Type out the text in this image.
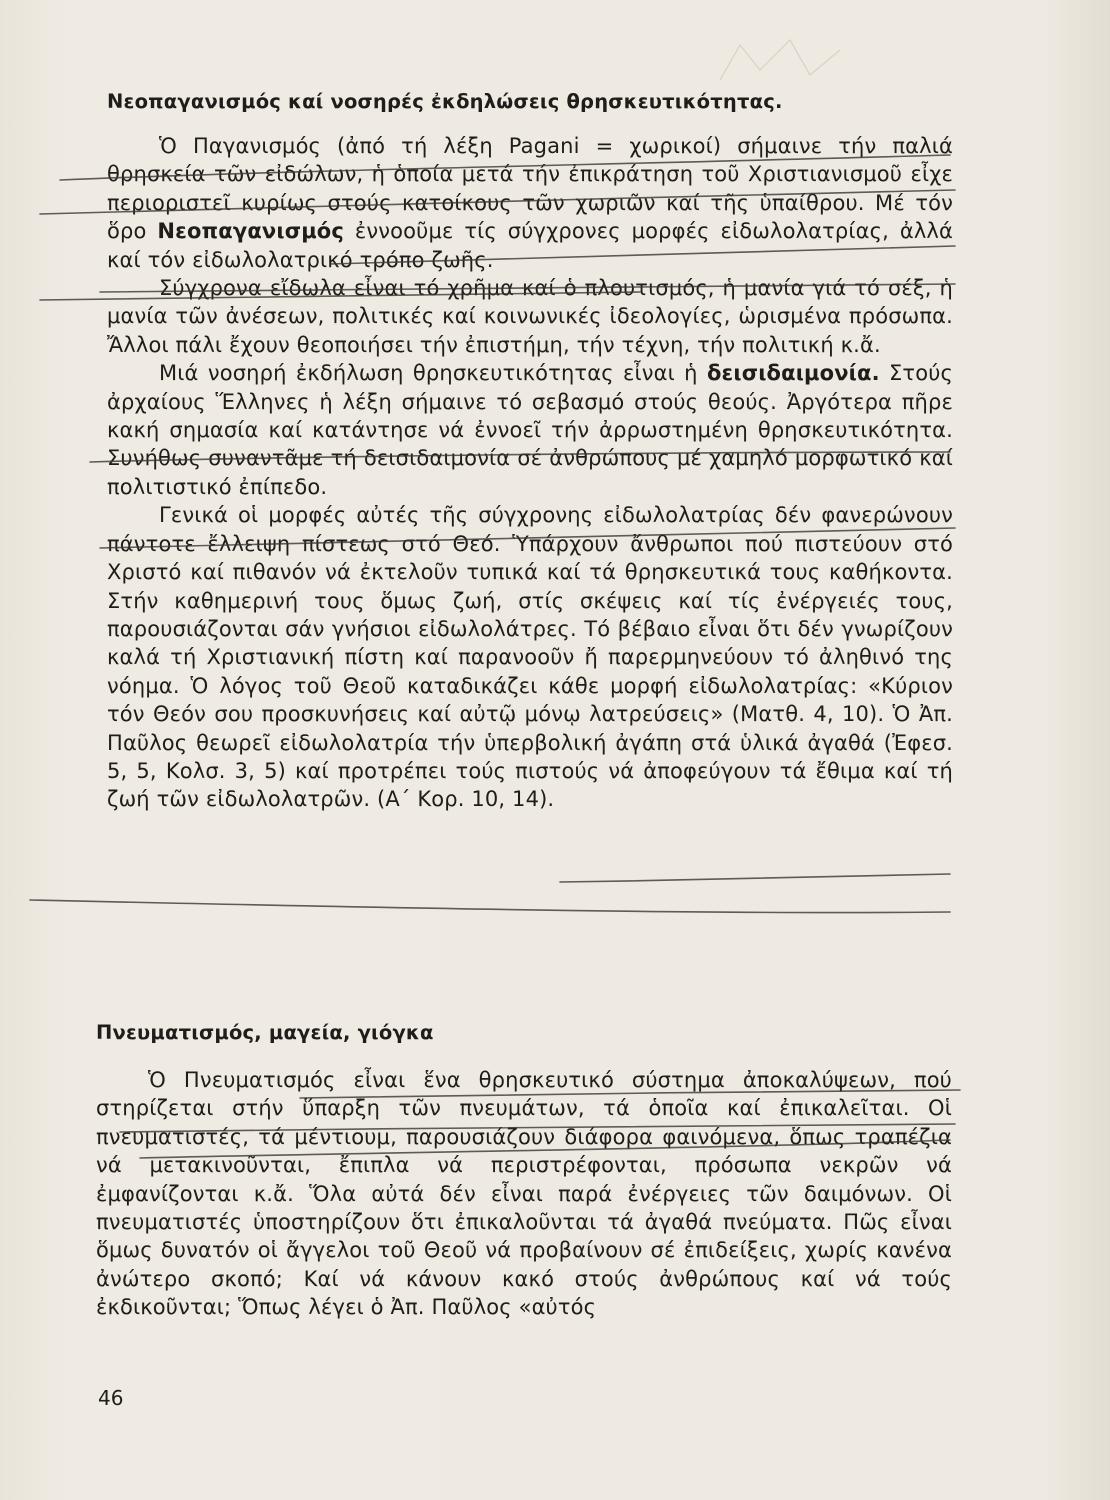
Νεοπαγανισμός καί νοσηρές ἐκδηλώσεις θρησκευτικότητας.

Ὁ Παγανισμός (ἀπό τή λέξη Pagani = χωρικοί) σήμαινε τήν παλιά θρησκεία τῶν εἰδώλων, ἡ ὁποία μετά τήν ἐπικράτηση τοῦ Χριστιανισμοῦ εἶχε περιοριστεῖ κυρίως στούς κατοίκους τῶν χωριῶν καί τῆς ὑπαίθρου. Μέ τόν ὅρο Νεοπαγανισμός ἐννοοῦμε τίς σύγχρονες μορφές εἰδωλολατρίας, ἀλλά καί τόν εἰδωλολατρικό τρόπο ζωῆς.

Σύγχρονα εἴδωλα εἶναι τό χρῆμα καί ὁ πλουτισμός, ἡ μανία γιά τό σέξ, ἡ μανία τῶν ἀνέσεων, πολιτικές καί κοινωνικές ἰδεολογίες, ὡρισμένα πρόσωπα. Ἄλλοι πάλι ἔχουν θεοποιήσει τήν ἐπιστήμη, τήν τέχνη, τήν πολιτική κ.ἄ.

Μιά νοσηρή ἐκδήλωση θρησκευτικότητας εἶναι ἡ δεισιδαιμονία. Στούς ἀρχαίους Ἕλληνες ἡ λέξη σήμαινε τό σεβασμό στούς θεούς. Ἀργότερα πῆρε κακή σημασία καί κατάντησε νά ἐννοεῖ τήν ἀρρωστημένη θρησκευτικότητα. Συνήθως συναντᾶμε τή δεισιδαιμονία σέ ἀνθρώπους μέ χαμηλό μορφωτικό καί πολιτιστικό ἐπίπεδο.

Γενικά οἱ μορφές αὐτές τῆς σύγχρονης εἰδωλολατρίας δέν φανερώνουν πάντοτε ἔλλειψη πίστεως στό Θεό. Ὑπάρχουν ἄνθρωποι πού πιστεύουν στό Χριστό καί πιθανόν νά ἐκτελοῦν τυπικά καί τά θρησκευτικά τους καθήκοντα. Στήν καθημερινή τους ὅμως ζωή, στίς σκέψεις καί τίς ἐνέργειές τους, παρουσιάζονται σάν γνήσιοι εἰδωλολάτρες. Τό βέβαιο εἶναι ὅτι δέν γνωρίζουν καλά τή Χριστιανική πίστη καί παρανοοῦν ἤ παρερμηνεύουν τό ἀληθινό της νόημα. Ὁ λόγος τοῦ Θεοῦ καταδικάζει κάθε μορφή εἰδωλολατρίας: «Κύριον τόν Θεόν σου προσκυνήσεις καί αὐτῷ μόνῳ λατρεύσεις» (Ματθ. 4, 10). Ὁ Ἀπ. Παῦλος θεωρεῖ εἰδωλολατρία τήν ὑπερβολική ἀγάπη στά ὑλικά ἀγαθά (Ἐφεσ. 5, 5, Κολσ. 3, 5) καί προτρέπει τούς πιστούς νά ἀποφεύγουν τά ἔθιμα καί τή ζωή τῶν εἰδωλολατρῶν. (Α΄ Κορ. 10, 14).

Πνευματισμός, μαγεία, γιόγκα

Ὁ Πνευματισμός εἶναι ἕνα θρησκευτικό σύστημα ἀποκαλύψεων, πού στηρίζεται στήν ὕπαρξη τῶν πνευμάτων, τά ὁποῖα καί ἐπικαλεῖται. Οἱ πνευματιστές, τά μέντιουμ, παρουσιάζουν διάφορα φαινόμενα, ὅπως τραπέζια νά μετακινοῦνται, ἔπιπλα νά περιστρέφονται, πρόσωπα νεκρῶν νά ἐμφανίζονται κ.ἄ. Ὅλα αὐτά δέν εἶναι παρά ἐνέργειες τῶν δαιμόνων. Οἱ πνευματιστές ὑποστηρίζουν ὅτι ἐπικαλοῦνται τά ἀγαθά πνεύματα. Πῶς εἶναι ὅμως δυνατόν οἱ ἄγγελοι τοῦ Θεοῦ νά προβαίνουν σέ ἐπιδείξεις, χωρίς κανένα ἀνώτερο σκοπό; Καί νά κάνουν κακό στούς ἀνθρώπους καί νά τούς ἐκδικοῦνται; Ὅπως λέγει ὁ Ἀπ. Παῦλος «αὐτός

46
